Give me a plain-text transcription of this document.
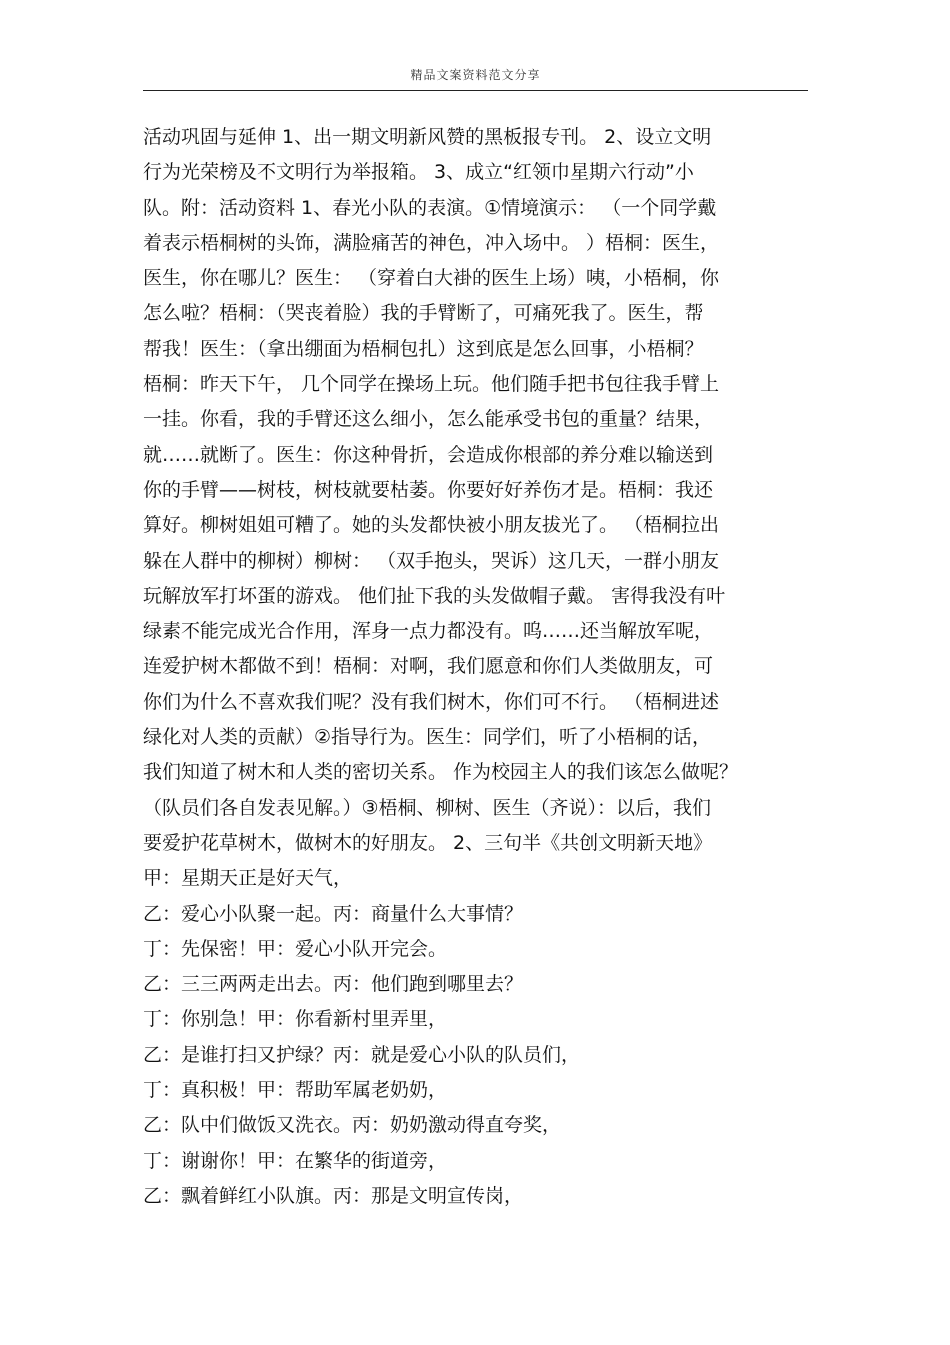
精品文案资料范文分享
活动巩固与延伸 1、出一期文明新风赞的黑板报专刊。 2、设立文明
行为光荣榜及不文明行为举报箱。 3、成立“红领巾星期六行动”小
队。附：活动资料 1、春光小队的表演。①情境演示： （一个同学戴
着表示梧桐树的头饰，满脸痛苦的神色，冲入场中。 ）梧桐：医生，
医生，你在哪儿？医生： （穿着白大褂的医生上场）咦，小梧桐，你
怎么啦？梧桐：（哭丧着脸）我的手臂断了，可痛死我了。医生，帮
帮我！医生：（拿出绷面为梧桐包扎）这到底是怎么回事，小梧桐？
梧桐：昨天下午， 几个同学在操场上玩。他们随手把书包往我手臂上
一挂。你看，我的手臂还这么细小，怎么能承受书包的重量？结果，
就……就断了。医生：你这种骨折，会造成你根部的养分难以输送到
你的手臂——树枝，树枝就要枯萎。你要好好养伤才是。梧桐：我还
算好。柳树姐姐可糟了。她的头发都快被小朋友拔光了。 （梧桐拉出
躲在人群中的柳树）柳树： （双手抱头，哭诉）这几天，一群小朋友
玩解放军打坏蛋的游戏。 他们扯下我的头发做帽子戴。 害得我没有叶
绿素不能完成光合作用，浑身一点力都没有。呜……还当解放军呢，
连爱护树木都做不到！梧桐：对啊，我们愿意和你们人类做朋友，可
你们为什么不喜欢我们呢？没有我们树木，你们可不行。 （梧桐进述
绿化对人类的贡献）②指导行为。医生：同学们，听了小梧桐的话，
我们知道了树木和人类的密切关系。 作为校园主人的我们该怎么做呢？
（队员们各自发表见解。）③梧桐、柳树、医生（齐说）：以后，我们
要爱护花草树木，做树木的好朋友。 2、三句半《共创文明新天地》
甲：星期天正是好天气，
乙：爱心小队聚一起。丙：商量什么大事情？
丁：先保密！甲：爱心小队开完会。
乙：三三两两走出去。丙：他们跑到哪里去？
丁：你别急！甲：你看新村里弄里，
乙：是谁打扫又护绿？丙：就是爱心小队的队员们，
丁：真积极！甲：帮助军属老奶奶，
乙：队中们做饭又洗衣。丙：奶奶激动得直夸奖，
丁：谢谢你！甲：在繁华的街道旁，
乙：飘着鲜红小队旗。丙：那是文明宣传岗，
